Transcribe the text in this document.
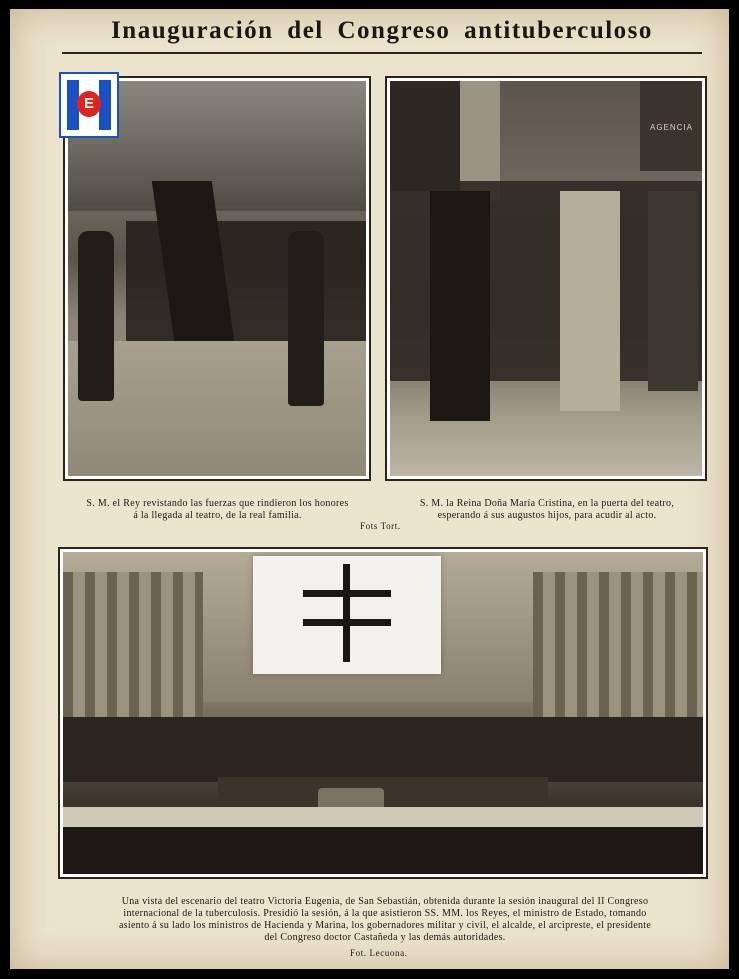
Inauguración del Congreso antituberculoso
AGENCIA
S. M. el Rey revistando las fuerzas que rindieron los honores
á la llegada al teatro, de la real familia.
S. M. la Reina Doña María Cristina, en la puerta del teatro,
esperando á sus augustos hijos, para acudir al acto.
Fots Tort.
Una vista del escenario del teatro Victoria Eugenia, de San Sebastián, obtenida durante la sesión inaugural del II Congreso
internacional de la tuberculosis. Presidió la sesión, á la que asistieron SS. MM. los Reyes, el ministro de Estado, tomando
asiento á su lado los ministros de Hacienda y Marina, los gobernadores militar y civil, el alcalde, el arcipreste, el presidente
del Congreso doctor Castañeda y las demás autoridades.
Fot. Lecuona.
E
